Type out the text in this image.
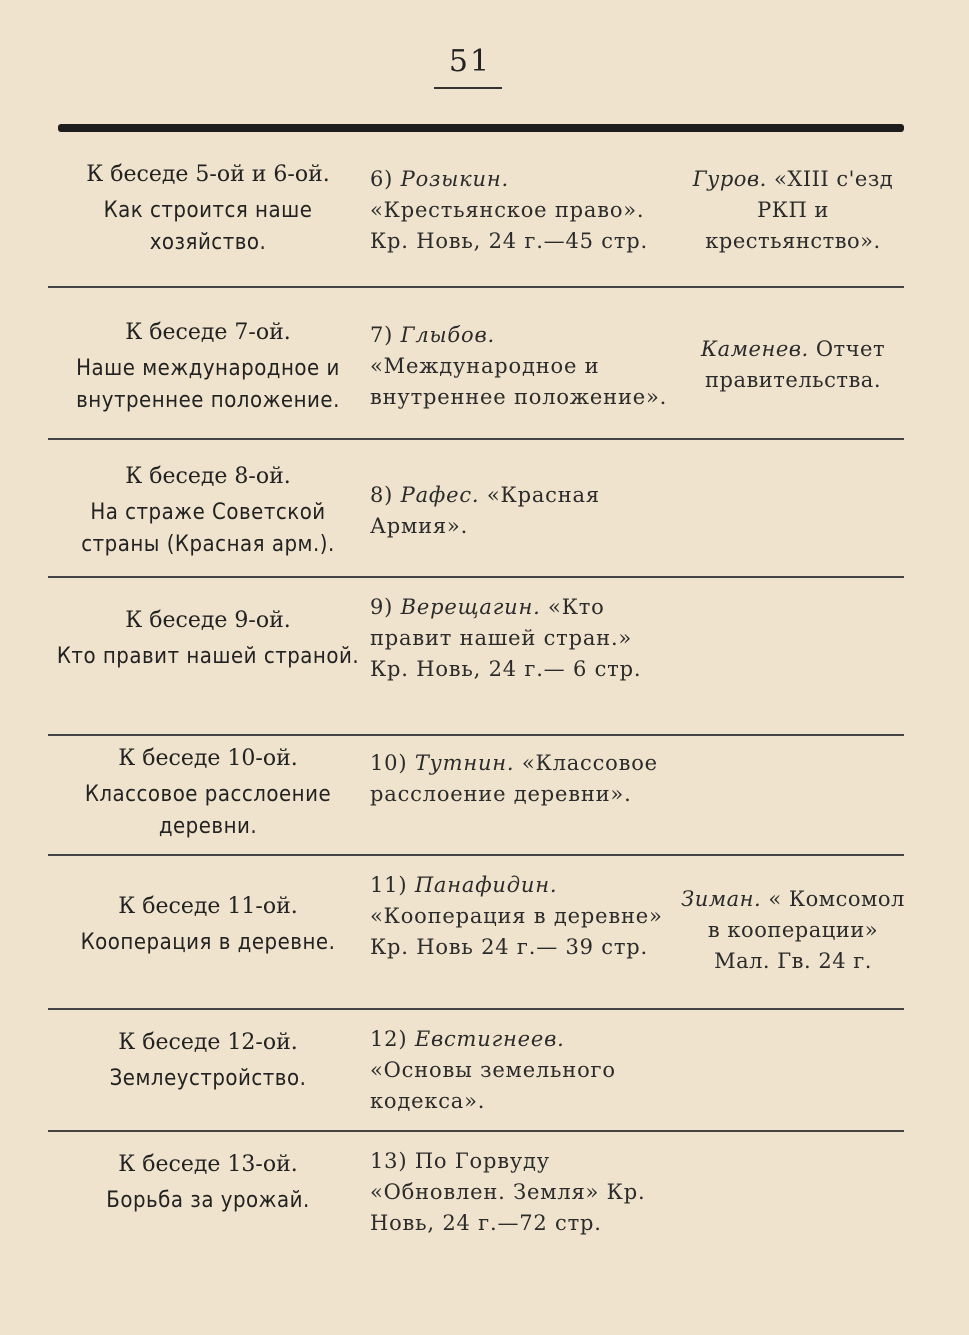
51
К беседе 5-ой и 6-ой.
Как строится наше хозяйство.
6) Розыкин. «Крестьянское право». Кр. Новь, 24 г.—45 стр.
Гуров. «XIII с'езд РКП и крестьянство».
К беседе 7-ой.
Наше международное и внутреннее положение.
7) Глыбов. «Международное и внутреннее положение».
Каменев. Отчет правительства.
К беседе 8-ой.
На страже Советской страны (Красная арм.).
8) Рафес. «Красная Армия».
К беседе 9-ой.
Кто правит нашей страной.
9) Верещагин. «Кто правит нашей стран.» Кр. Новь, 24 г.— 6 стр.
К беседе 10-ой.
Классовое расслоение деревни.
10) Тутнин. «Классовое расслоение деревни».
К беседе 11-ой.
Кооперация в деревне.
11) Панафидин. «Кооперация в деревне» Кр. Новь 24 г.— 39 стр.
Зиман. « Комсомол в кооперации» Мал. Гв. 24 г.
К беседе 12-ой.
Землеустройство.
12) Евстигнеев. «Основы земельного кодекса».
К беседе 13-ой.
Борьба за урожай.
13) По Горвуду «Обновлен. Земля» Кр. Новь, 24 г.—72 стр.
